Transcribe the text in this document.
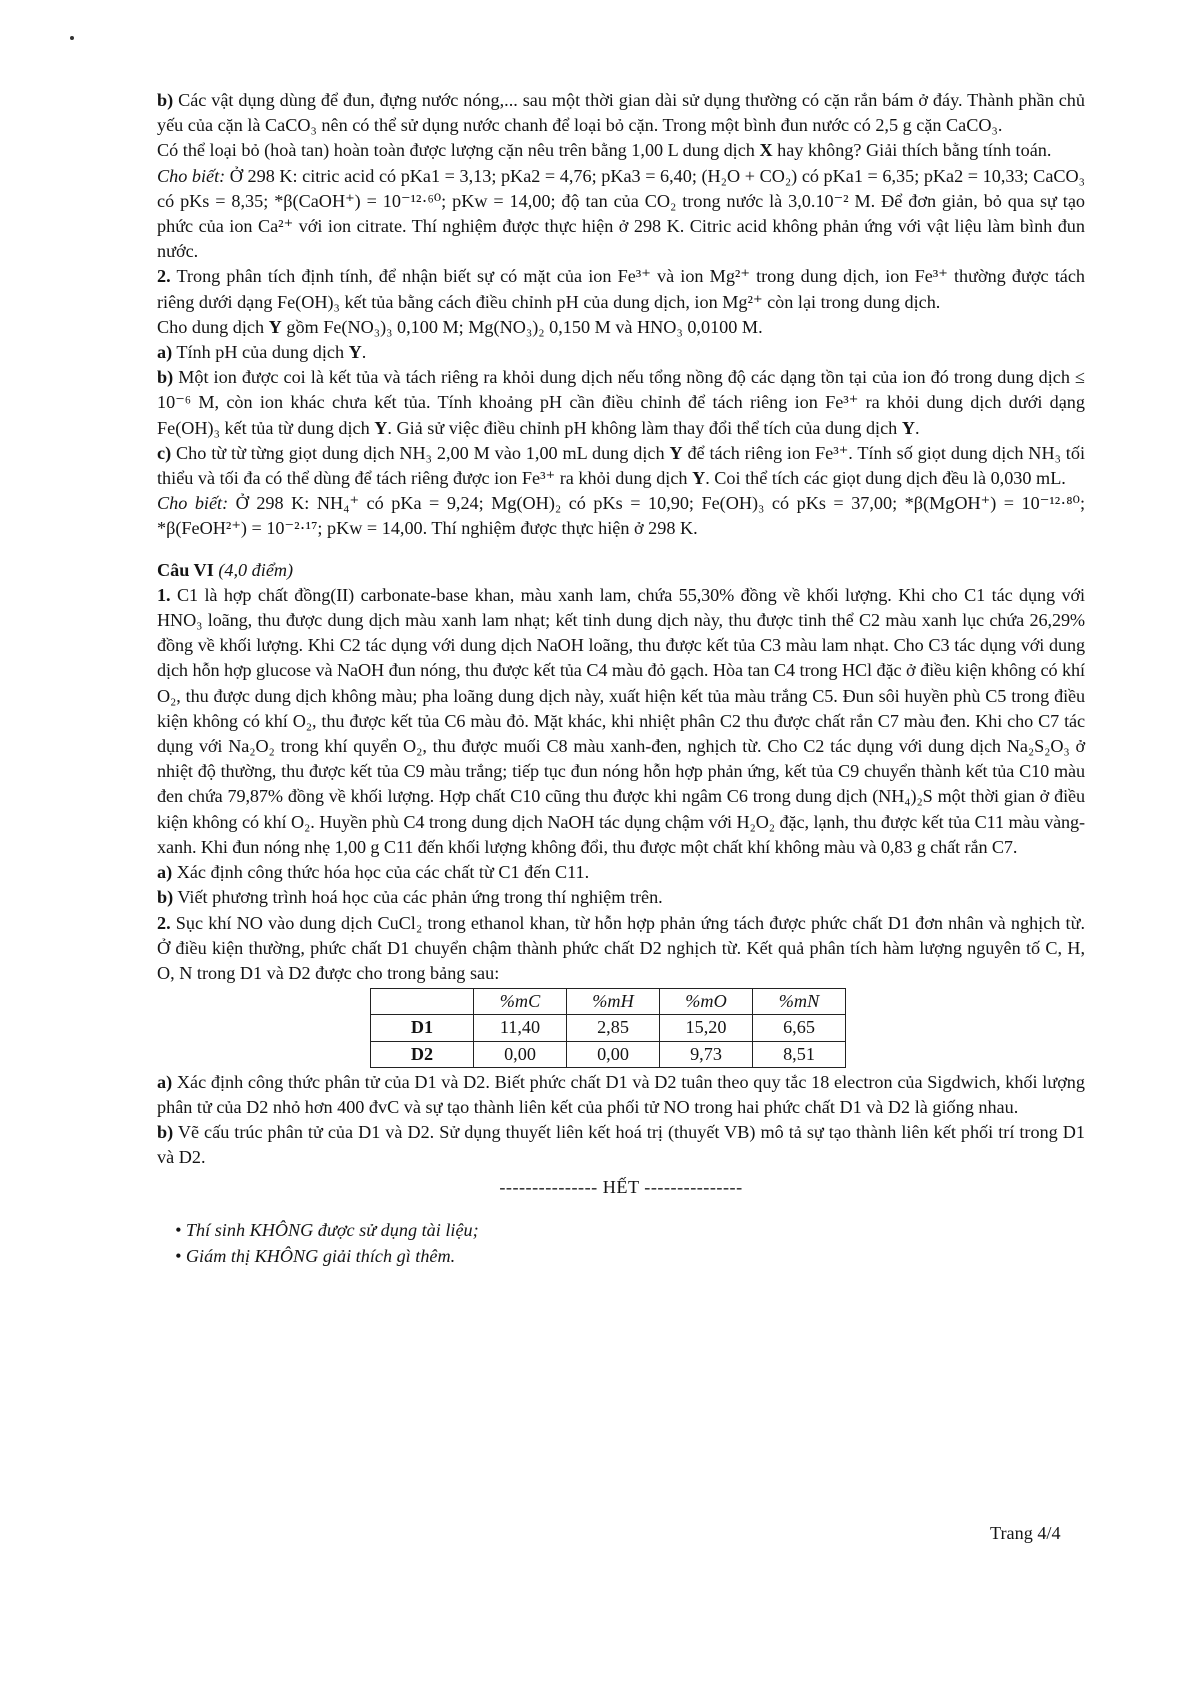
b) Các vật dụng dùng để đun, đựng nước nóng,... sau một thời gian dài sử dụng thường có cặn rắn bám ở đáy. Thành phần chủ yếu của cặn là CaCO₃ nên có thể sử dụng nước chanh để loại bỏ cặn. Trong một bình đun nước có 2,5 g cặn CaCO₃.

Có thể loại bỏ (hoà tan) hoàn toàn được lượng cặn nêu trên bằng 1,00 L dung dịch X hay không? Giải thích bằng tính toán.

Cho biết: Ở 298 K: citric acid có pKa1 = 3,13; pKa2 = 4,76; pKa3 = 6,40; (H₂O + CO₂) có pKa1 = 6,35; pKa2 = 10,33; CaCO₃ có pKs = 8,35; *β(CaOH⁺) = 10⁻¹²·⁶⁰; pKw = 14,00; độ tan của CO₂ trong nước là 3,0.10⁻² M. Để đơn giản, bỏ qua sự tạo phức của ion Ca²⁺ với ion citrate. Thí nghiệm được thực hiện ở 298 K. Citric acid không phản ứng với vật liệu làm bình đun nước.

2. Trong phân tích định tính, để nhận biết sự có mặt của ion Fe³⁺ và ion Mg²⁺ trong dung dịch, ion Fe³⁺ thường được tách riêng dưới dạng Fe(OH)₃ kết tủa bằng cách điều chỉnh pH của dung dịch, ion Mg²⁺ còn lại trong dung dịch.

Cho dung dịch Y gồm Fe(NO₃)₃ 0,100 M; Mg(NO₃)₂ 0,150 M và HNO₃ 0,0100 M.

a) Tính pH của dung dịch Y.

b) Một ion được coi là kết tủa và tách riêng ra khỏi dung dịch nếu tổng nồng độ các dạng tồn tại của ion đó trong dung dịch ≤ 10⁻⁶ M, còn ion khác chưa kết tủa. Tính khoảng pH cần điều chỉnh để tách riêng ion Fe³⁺ ra khỏi dung dịch dưới dạng Fe(OH)₃ kết tủa từ dung dịch Y. Giả sử việc điều chỉnh pH không làm thay đổi thể tích của dung dịch Y.

c) Cho từ từ từng giọt dung dịch NH₃ 2,00 M vào 1,00 mL dung dịch Y để tách riêng ion Fe³⁺. Tính số giọt dung dịch NH₃ tối thiểu và tối đa có thể dùng để tách riêng được ion Fe³⁺ ra khỏi dung dịch Y. Coi thể tích các giọt dung dịch đều là 0,030 mL.

Cho biết: Ở 298 K: NH₄⁺ có pKa = 9,24; Mg(OH)₂ có pKs = 10,90; Fe(OH)₃ có pKs = 37,00; *β(MgOH⁺) = 10⁻¹²·⁸⁰; *β(FeOH²⁺) = 10⁻²·¹⁷; pKw = 14,00. Thí nghiệm được thực hiện ở 298 K.

Câu VI (4,0 điểm)

1. C1 là hợp chất đồng(II) carbonate-base khan, màu xanh lam, chứa 55,30% đồng về khối lượng. Khi cho C1 tác dụng với HNO₃ loãng, thu được dung dịch màu xanh lam nhạt; kết tinh dung dịch này, thu được tinh thể C2 màu xanh lục chứa 26,29% đồng về khối lượng. Khi C2 tác dụng với dung dịch NaOH loãng, thu được kết tủa C3 màu lam nhạt. Cho C3 tác dụng với dung dịch hỗn hợp glucose và NaOH đun nóng, thu được kết tủa C4 màu đỏ gạch. Hòa tan C4 trong HCl đặc ở điều kiện không có khí O₂, thu được dung dịch không màu; pha loãng dung dịch này, xuất hiện kết tủa màu trắng C5. Đun sôi huyền phù C5 trong điều kiện không có khí O₂, thu được kết tủa C6 màu đỏ. Mặt khác, khi nhiệt phân C2 thu được chất rắn C7 màu đen. Khi cho C7 tác dụng với Na₂O₂ trong khí quyển O₂, thu được muối C8 màu xanh-đen, nghịch từ. Cho C2 tác dụng với dung dịch Na₂S₂O₃ ở nhiệt độ thường, thu được kết tủa C9 màu trắng; tiếp tục đun nóng hỗn hợp phản ứng, kết tủa C9 chuyển thành kết tủa C10 màu đen chứa 79,87% đồng về khối lượng. Hợp chất C10 cũng thu được khi ngâm C6 trong dung dịch (NH₄)₂S một thời gian ở điều kiện không có khí O₂. Huyền phù C4 trong dung dịch NaOH tác dụng chậm với H₂O₂ đặc, lạnh, thu được kết tủa C11 màu vàng-xanh. Khi đun nóng nhẹ 1,00 g C11 đến khối lượng không đổi, thu được một chất khí không màu và 0,83 g chất rắn C7.

a) Xác định công thức hóa học của các chất từ C1 đến C11.

b) Viết phương trình hoá học của các phản ứng trong thí nghiệm trên.

2. Sục khí NO vào dung dịch CuCl₂ trong ethanol khan, từ hỗn hợp phản ứng tách được phức chất D1 đơn nhân và nghịch từ. Ở điều kiện thường, phức chất D1 chuyển chậm thành phức chất D2 nghịch từ. Kết quả phân tích hàm lượng nguyên tố C, H, O, N trong D1 và D2 được cho trong bảng sau:

	%mC	%mH	%mO	%mN
D1	11,40	2,85	15,20	6,65
D2	0,00	0,00	9,73	8,51

a) Xác định công thức phân tử của D1 và D2. Biết phức chất D1 và D2 tuân theo quy tắc 18 electron của Sigdwich, khối lượng phân tử của D2 nhỏ hơn 400 đvC và sự tạo thành liên kết của phối tử NO trong hai phức chất D1 và D2 là giống nhau.

b) Vẽ cấu trúc phân tử của D1 và D2. Sử dụng thuyết liên kết hoá trị (thuyết VB) mô tả sự tạo thành liên kết phối trí trong D1 và D2.

--------------- HẾT ---------------

• Thí sinh KHÔNG được sử dụng tài liệu;
• Giám thị KHÔNG giải thích gì thêm.
Trang 4/4
